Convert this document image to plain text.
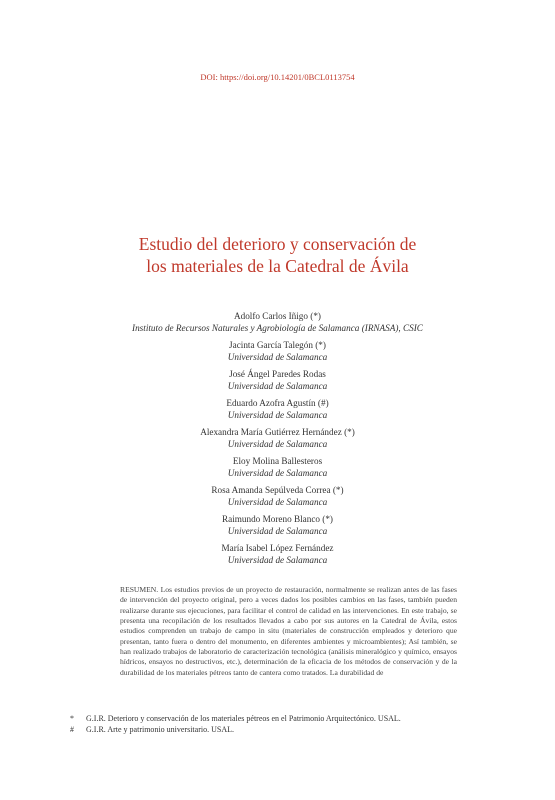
DOI: https://doi.org/10.14201/0BCL0113754
Estudio del deterioro y conservación de
los materiales de la Catedral de Ávila
Adolfo Carlos Iñigo (*)
Instituto de Recursos Naturales y Agrobiología de Salamanca (IRNASA), CSIC
Jacinta García Talegón (*)
Universidad de Salamanca
José Ángel Paredes Rodas
Universidad de Salamanca
Eduardo Azofra Agustín (#)
Universidad de Salamanca
Alexandra María Gutiérrez Hernández (*)
Universidad de Salamanca
Eloy Molina Ballesteros
Universidad de Salamanca
Rosa Amanda Sepúlveda Correa (*)
Universidad de Salamanca
Raimundo Moreno Blanco (*)
Universidad de Salamanca
María Isabel López Fernández
Universidad de Salamanca

RESUMEN. Los estudios previos de un proyecto de restauración, normalmente se realizan antes de las fases de intervención del proyecto original, pero a veces dados los posibles cambios en las fases, también pueden realizarse durante sus ejecuciones, para facilitar el control de calidad en las intervenciones. En este trabajo, se presenta una recopilación de los resultados llevados a cabo por sus autores en la Catedral de Ávila, estos estudios comprenden un trabajo de campo in situ (materiales de construcción empleados y deterioro que presentan, tanto fuera o dentro del monumento, en diferentes ambientes y microambientes); Así también, se han realizado trabajos de laboratorio de caracterización tecnológica (análisis mineralógico y químico, ensayos hídricos, ensayos no destructivos, etc.), determinación de la eficacia de los métodos de conservación y de la durabilidad de los materiales pétreos tanto de cantera como tratados. La durabilidad de

* G.I.R. Deterioro y conservación de los materiales pétreos en el Patrimonio Arquitectónico. USAL.
# G.I.R. Arte y patrimonio universitario. USAL.
